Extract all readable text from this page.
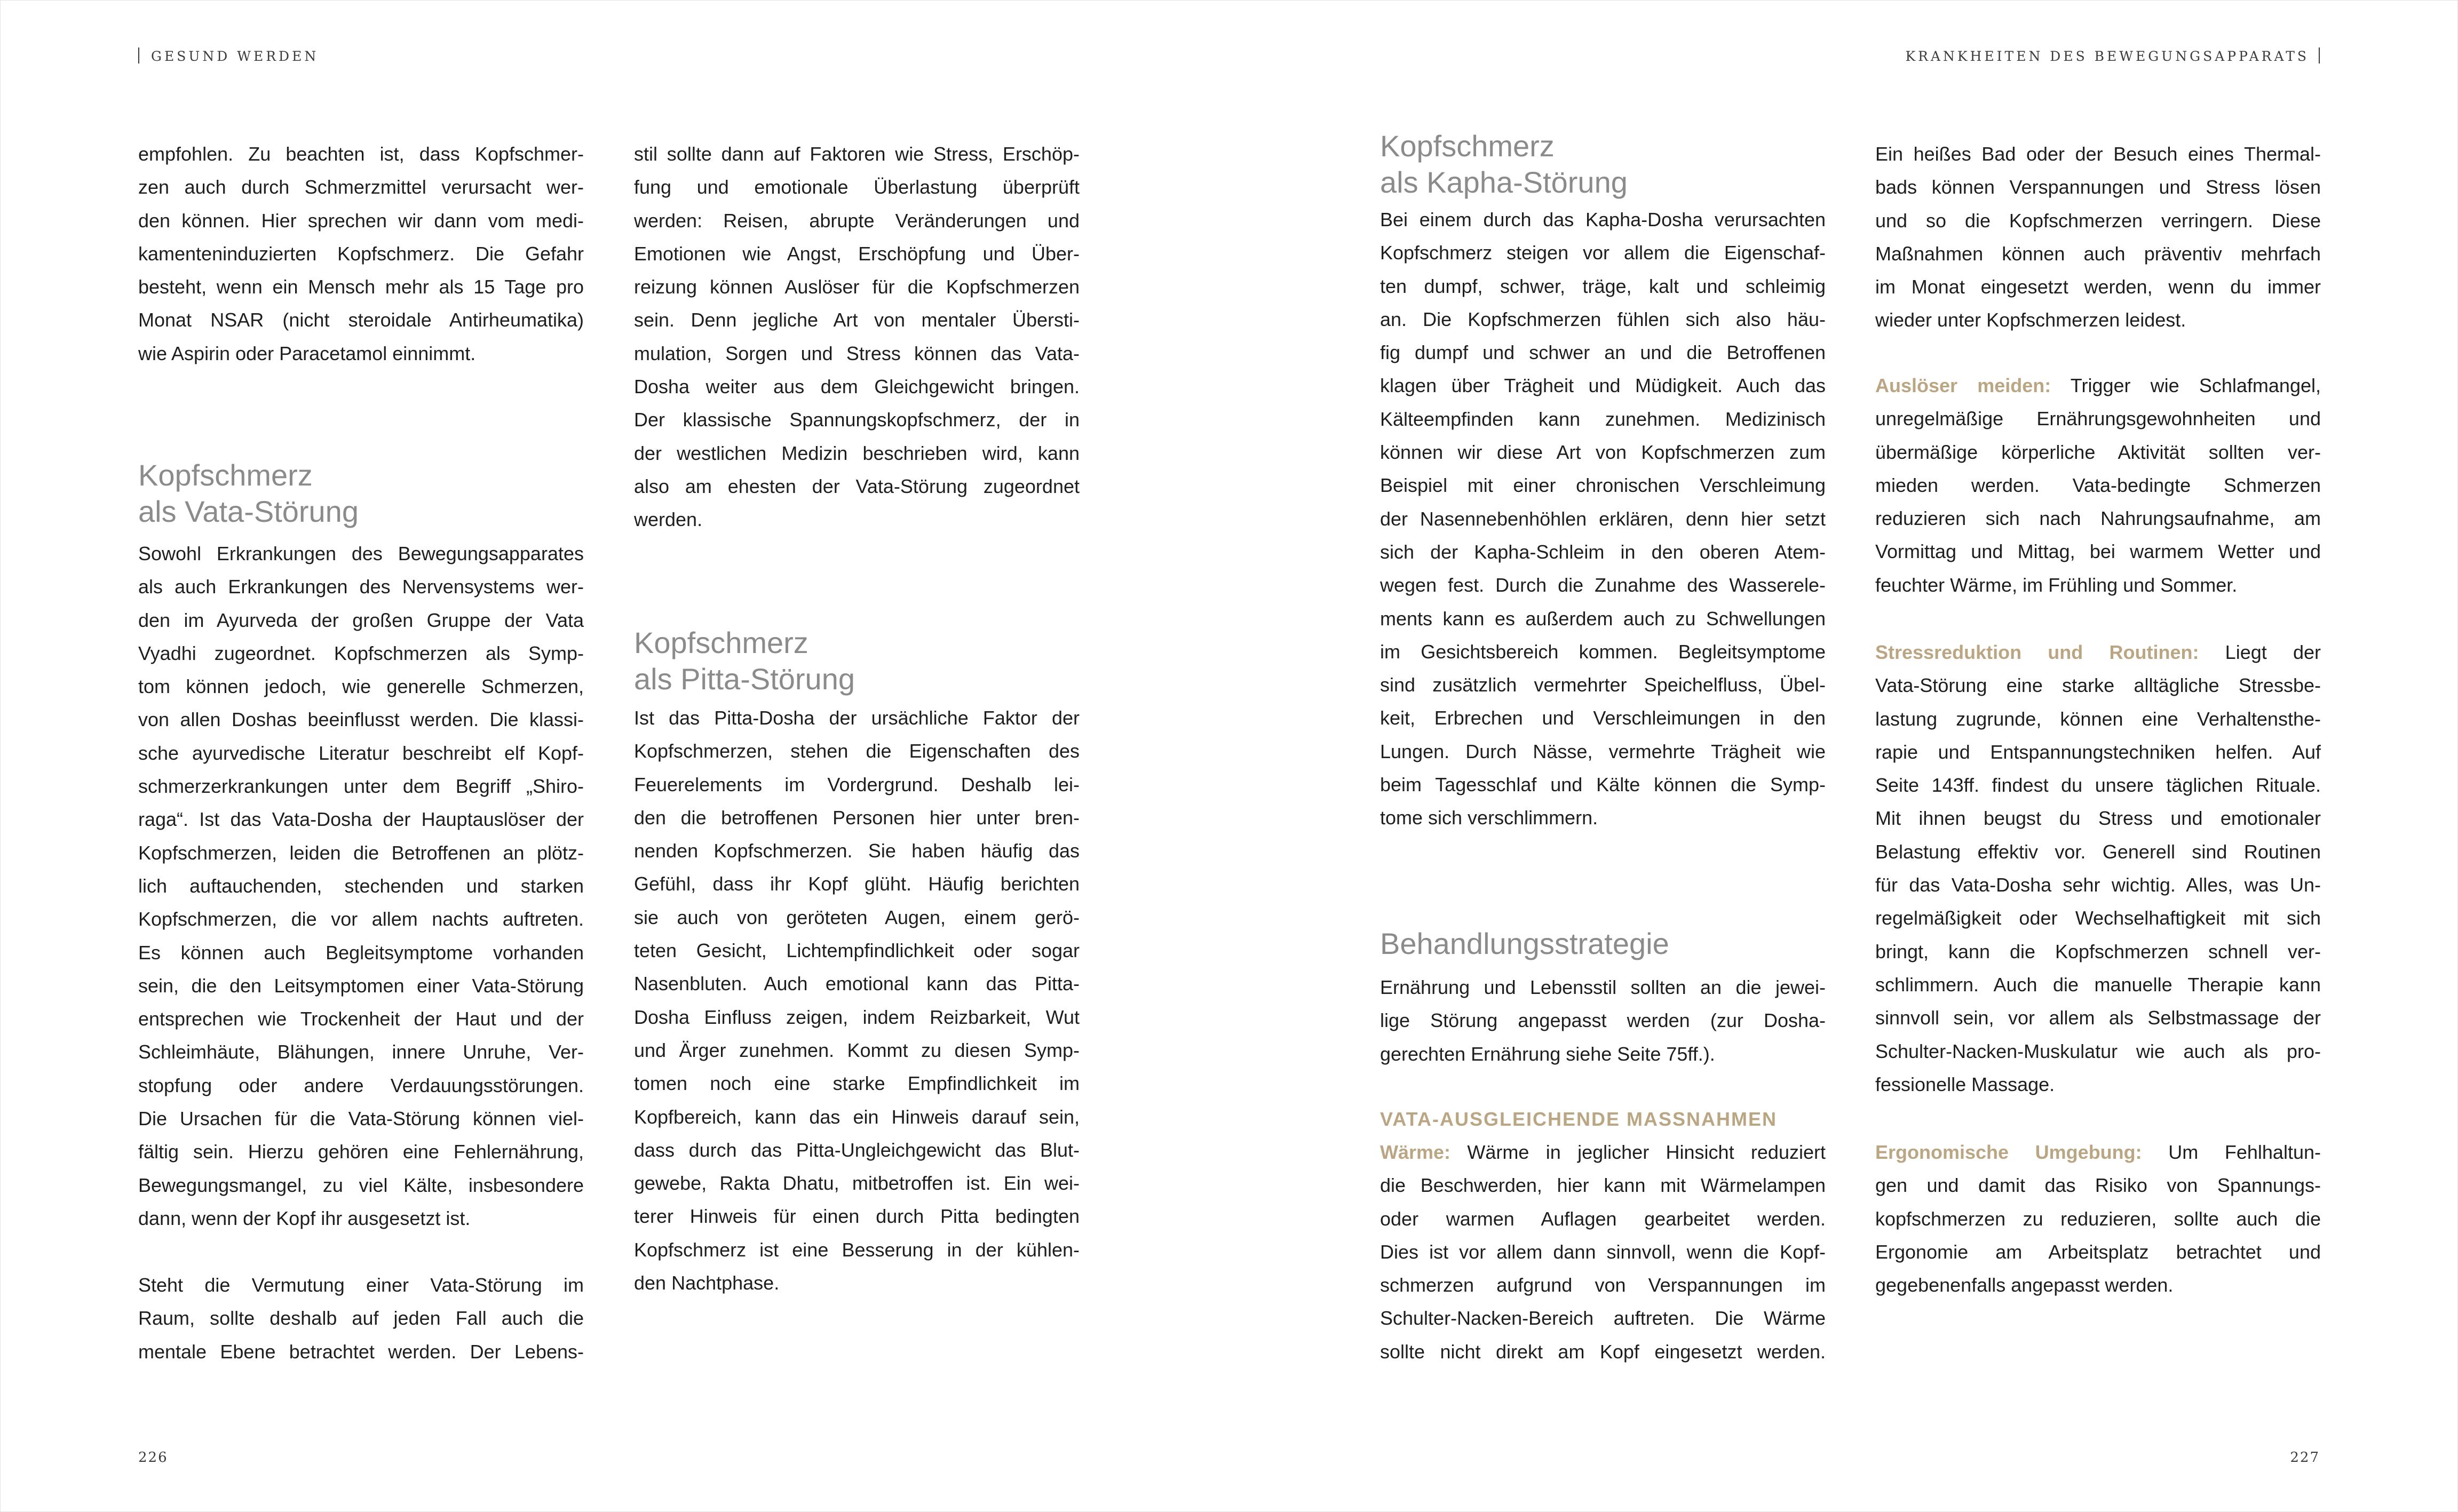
GESUND WERDEN	KRANKHEITEN DES BEWEGUNGSAPPARATS
empfohlen. Zu beachten ist, dass Kopfschmer-
zen auch durch Schmerzmittel verursacht wer-
den können. Hier sprechen wir dann vom medi-
kamenteninduzierten Kopfschmerz. Die Gefahr
besteht, wenn ein Mensch mehr als 15 Tage pro
Monat NSAR (nicht steroidale Antirheumatika)
wie Aspirin oder Paracetamol einnimmt.
Kopfschmerz
als Vata-Störung
Sowohl Erkrankungen des Bewegungsapparates
als auch Erkrankungen des Nervensystems wer-
den im Ayurveda der großen Gruppe der Vata
Vyadhi zugeordnet. Kopfschmerzen als Symp-
tom können jedoch, wie generelle Schmerzen,
von allen Doshas beeinflusst werden. Die klassi-
sche ayurvedische Literatur beschreibt elf Kopf-
schmerzerkrankungen unter dem Begriff „Shiro-
raga“. Ist das Vata-Dosha der Hauptauslöser der
Kopfschmerzen, leiden die Betroffenen an plötz-
lich auftauchenden, stechenden und starken
Kopfschmerzen, die vor allem nachts auftreten.
Es können auch Begleitsymptome vorhanden
sein, die den Leitsymptomen einer Vata-Störung
entsprechen wie Trockenheit der Haut und der
Schleimhäute, Blähungen, innere Unruhe, Ver-
stopfung oder andere Verdauungsstörungen.
Die Ursachen für die Vata-Störung können viel-
fältig sein. Hierzu gehören eine Fehlernährung,
Bewegungsmangel, zu viel Kälte, insbesondere
dann, wenn der Kopf ihr ausgesetzt ist.
Steht die Vermutung einer Vata-Störung im
Raum, sollte deshalb auf jeden Fall auch die
mentale Ebene betrachtet werden. Der Lebens-
stil sollte dann auf Faktoren wie Stress, Erschöp-
fung und emotionale Überlastung überprüft
werden: Reisen, abrupte Veränderungen und
Emotionen wie Angst, Erschöpfung und Über-
reizung können Auslöser für die Kopfschmerzen
sein. Denn jegliche Art von mentaler Übersti-
mulation, Sorgen und Stress können das Vata-
Dosha weiter aus dem Gleichgewicht bringen.
Der klassische Spannungskopfschmerz, der in
der westlichen Medizin beschrieben wird, kann
also am ehesten der Vata-Störung zugeordnet
werden.
Kopfschmerz
als Pitta-Störung
Ist das Pitta-Dosha der ursächliche Faktor der
Kopfschmerzen, stehen die Eigenschaften des
Feuerelements im Vordergrund. Deshalb lei-
den die betroffenen Personen hier unter bren-
nenden Kopfschmerzen. Sie haben häufig das
Gefühl, dass ihr Kopf glüht. Häufig berichten
sie auch von geröteten Augen, einem gerö-
teten Gesicht, Lichtempfindlichkeit oder sogar
Nasenbluten. Auch emotional kann das Pitta-
Dosha Einfluss zeigen, indem Reizbarkeit, Wut
und Ärger zunehmen. Kommt zu diesen Symp-
tomen noch eine starke Empfindlichkeit im
Kopfbereich, kann das ein Hinweis darauf sein,
dass durch das Pitta-Ungleichgewicht das Blut-
gewebe, Rakta Dhatu, mitbetroffen ist. Ein wei-
terer Hinweis für einen durch Pitta bedingten
Kopfschmerz ist eine Besserung in der kühlen-
den Nachtphase.
Kopfschmerz
als Kapha-Störung
Bei einem durch das Kapha-Dosha verursachten
Kopfschmerz steigen vor allem die Eigenschaf-
ten dumpf, schwer, träge, kalt und schleimig
an. Die Kopfschmerzen fühlen sich also häu-
fig dumpf und schwer an und die Betroffenen
klagen über Trägheit und Müdigkeit. Auch das
Kälteempfinden kann zunehmen. Medizinisch
können wir diese Art von Kopfschmerzen zum
Beispiel mit einer chronischen Verschleimung
der Nasennebenhöhlen erklären, denn hier setzt
sich der Kapha-Schleim in den oberen Atem-
wegen fest. Durch die Zunahme des Wasserele-
ments kann es außerdem auch zu Schwellungen
im Gesichtsbereich kommen. Begleitsymptome
sind zusätzlich vermehrter Speichelfluss, Übel-
keit, Erbrechen und Verschleimungen in den
Lungen. Durch Nässe, vermehrte Trägheit wie
beim Tagesschlaf und Kälte können die Symp-
tome sich verschlimmern.
Behandlungsstrategie
Ernährung und Lebensstil sollten an die jewei-
lige Störung angepasst werden (zur Dosha-
gerechten Ernährung siehe Seite 75ff.).
VATA-AUSGLEICHENDE MASSNAHMEN
Wärme: Wärme in jeglicher Hinsicht reduziert
die Beschwerden, hier kann mit Wärmelampen
oder warmen Auflagen gearbeitet werden.
Dies ist vor allem dann sinnvoll, wenn die Kopf-
schmerzen aufgrund von Verspannungen im
Schulter-Nacken-Bereich auftreten. Die Wärme
sollte nicht direkt am Kopf eingesetzt werden.
Ein heißes Bad oder der Besuch eines Thermal-
bads können Verspannungen und Stress lösen
und so die Kopfschmerzen verringern. Diese
Maßnahmen können auch präventiv mehrfach
im Monat eingesetzt werden, wenn du immer
wieder unter Kopfschmerzen leidest.
Auslöser meiden: Trigger wie Schlafmangel,
unregelmäßige Ernährungsgewohnheiten und
übermäßige körperliche Aktivität sollten ver-
mieden werden. Vata-bedingte Schmerzen
reduzieren sich nach Nahrungsaufnahme, am
Vormittag und Mittag, bei warmem Wetter und
feuchter Wärme, im Frühling und Sommer.
Stressreduktion und Routinen: Liegt der
Vata-Störung eine starke alltägliche Stressbe-
lastung zugrunde, können eine Verhaltensthe-
rapie und Entspannungstechniken helfen. Auf
Seite 143ff. findest du unsere täglichen Rituale.
Mit ihnen beugst du Stress und emotionaler
Belastung effektiv vor. Generell sind Routinen
für das Vata-Dosha sehr wichtig. Alles, was Un-
regelmäßigkeit oder Wechselhaftigkeit mit sich
bringt, kann die Kopfschmerzen schnell ver-
schlimmern. Auch die manuelle Therapie kann
sinnvoll sein, vor allem als Selbstmassage der
Schulter-Nacken-Muskulatur wie auch als pro-
fessionelle Massage.
Ergonomische Umgebung: Um Fehlhaltun-
gen und damit das Risiko von Spannungs-
kopfschmerzen zu reduzieren, sollte auch die
Ergonomie am Arbeitsplatz betrachtet und
gegebenenfalls angepasst werden.
226	227
